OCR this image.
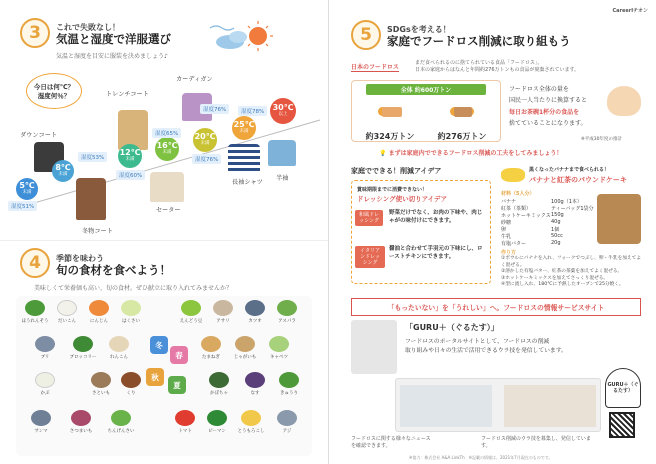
3	これで失敗なし！
気温と湿度で洋服選び
気温と湿度を目安に服装を決めましょう♪
今日は何℃？
湿度何％？
ダウンコート
冬物コート
トレンチコート
セーター
カーディガン
長袖シャツ
半袖
5℃
未満
8℃
未満
12℃
未満
16℃
未満
20℃
未満
25℃
未満
30℃
以上
湿度51%
湿度53%
湿度60%
湿度65%
湿度76%
湿度76%	湿度78%
4	季節を味わう
旬の食材を食べよう！
美味しくて栄養価も高い、旬の食材。ぜひ献立に取り入れてみませんか？
ほうれんそう だいこん	にんじん	はくさい	えんどう豆	アサリ	カツオ	アスパラ
ブリ	ブロッコリー	れんこん	たまねぎ	じゃがいも	キャベツ
冬
春
秋
夏
かぶ	さといも	くり	かぼちゃ	なす	きゅうり
サンマ	さつまいも	ちんげんさい	トマト	ピーマン	とうもろこし	アジ
CareerIチオン
5	SDGsを考える！
家庭でフードロス削減に取り組もう
日本のフードロス
まだ食べられるのに捨てられている食品「フードロス」。
日本の家庭からはなんと年間約276万トンもの食品が廃棄されています。
全体 約600万トン
約324万トン	約276万トン
フードロス全体の量を
国民一人当たりに換算すると
毎日お茶碗1杯分の食品を
捨てていることになります。
※平成30年度の推計
💡 まずは家庭内でできるフードロス削減の工夫をしてみましょう！
家庭でできる！削減アイデア
賞味期限までに消費できない！
ドレッシング使い切りアイデア
和風ドレッシング
野菜だけでなく、お肉の下味や、肉じゃがの味付けにできます。
イタリアンドレッシング
醤油と合わせて手羽元の下味にし、ローストチキンにできます。
黒くなったバナナまで食べられる！
バナナと紅茶のパウンドケーキ
材料（5人分）
バナナ	100g（1本）
紅茶（茶類）	ティーバッグ1袋分
ホットケーキミックス 150g
砂糖	40g
卵	1個
牛乳	50cc
有塩バター	20g
作り方
①ボウルにバナナを入れ、フォークでつぶし、卵・牛乳を加えてよく混ぜる。
②溶かした有塩バター、紅茶の茶葉を加えてよく混ぜる。
③ホットケーキミックスを加えてさっくり混ぜる。
④型に流し入れ、180℃に予熱したオーブンで25分焼く。
「もったいない」を「うれしい」へ。フードロスの情報サービスサイト
「GURU＋（ぐるたす）」
フードロスのポータルサイトとして、フードロスの削減
取り組みや日々の生活で活用できるウラ技を発信しています。
GURU＋（ぐるたす）
フードロスに関する様々なニュースを確認できます。
フードロス削減のウラ技を募集し、発信しています。
※協力：株式会社 A&A LinkTh　※記載の情報は、2021年7月現在のものです。
